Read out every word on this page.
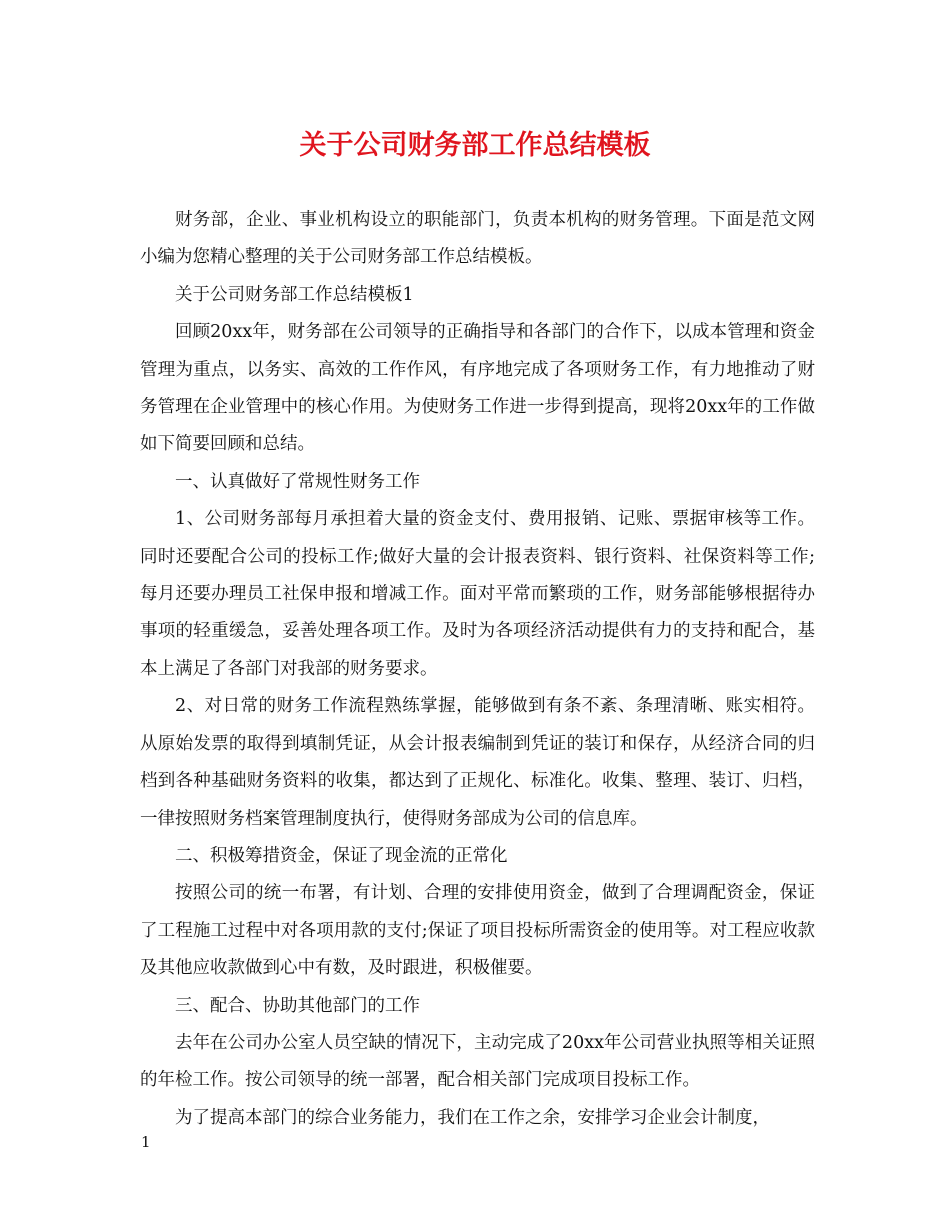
关于公司财务部工作总结模板

财务部，企业、事业机构设立的职能部门，负责本机构的财务管理。下面是范文网小编为您精心整理的关于公司财务部工作总结模板。

关于公司财务部工作总结模板1

回顾20xx年，财务部在公司领导的正确指导和各部门的合作下，以成本管理和资金管理为重点，以务实、高效的工作作风，有序地完成了各项财务工作，有力地推动了财务管理在企业管理中的核心作用。为使财务工作进一步得到提高，现将20xx年的工作做如下简要回顾和总结。

一、认真做好了常规性财务工作

1、公司财务部每月承担着大量的资金支付、费用报销、记账、票据审核等工作。同时还要配合公司的投标工作;做好大量的会计报表资料、银行资料、社保资料等工作;每月还要办理员工社保申报和增减工作。面对平常而繁琐的工作，财务部能够根据待办事项的轻重缓急，妥善处理各项工作。及时为各项经济活动提供有力的支持和配合，基本上满足了各部门对我部的财务要求。

2、对日常的财务工作流程熟练掌握，能够做到有条不紊、条理清晰、账实相符。从原始发票的取得到填制凭证，从会计报表编制到凭证的装订和保存，从经济合同的归档到各种基础财务资料的收集，都达到了正规化、标准化。收集、整理、装订、归档，一律按照财务档案管理制度执行，使得财务部成为公司的信息库。

二、积极筹措资金，保证了现金流的正常化

按照公司的统一布署，有计划、合理的安排使用资金，做到了合理调配资金，保证了工程施工过程中对各项用款的支付;保证了项目投标所需资金的使用等。对工程应收款及其他应收款做到心中有数，及时跟进，积极催要。

三、配合、协助其他部门的工作

去年在公司办公室人员空缺的情况下，主动完成了20xx年公司营业执照等相关证照的年检工作。按公司领导的统一部署，配合相关部门完成项目投标工作。

为了提高本部门的综合业务能力，我们在工作之余，安排学习企业会计制度，

1
